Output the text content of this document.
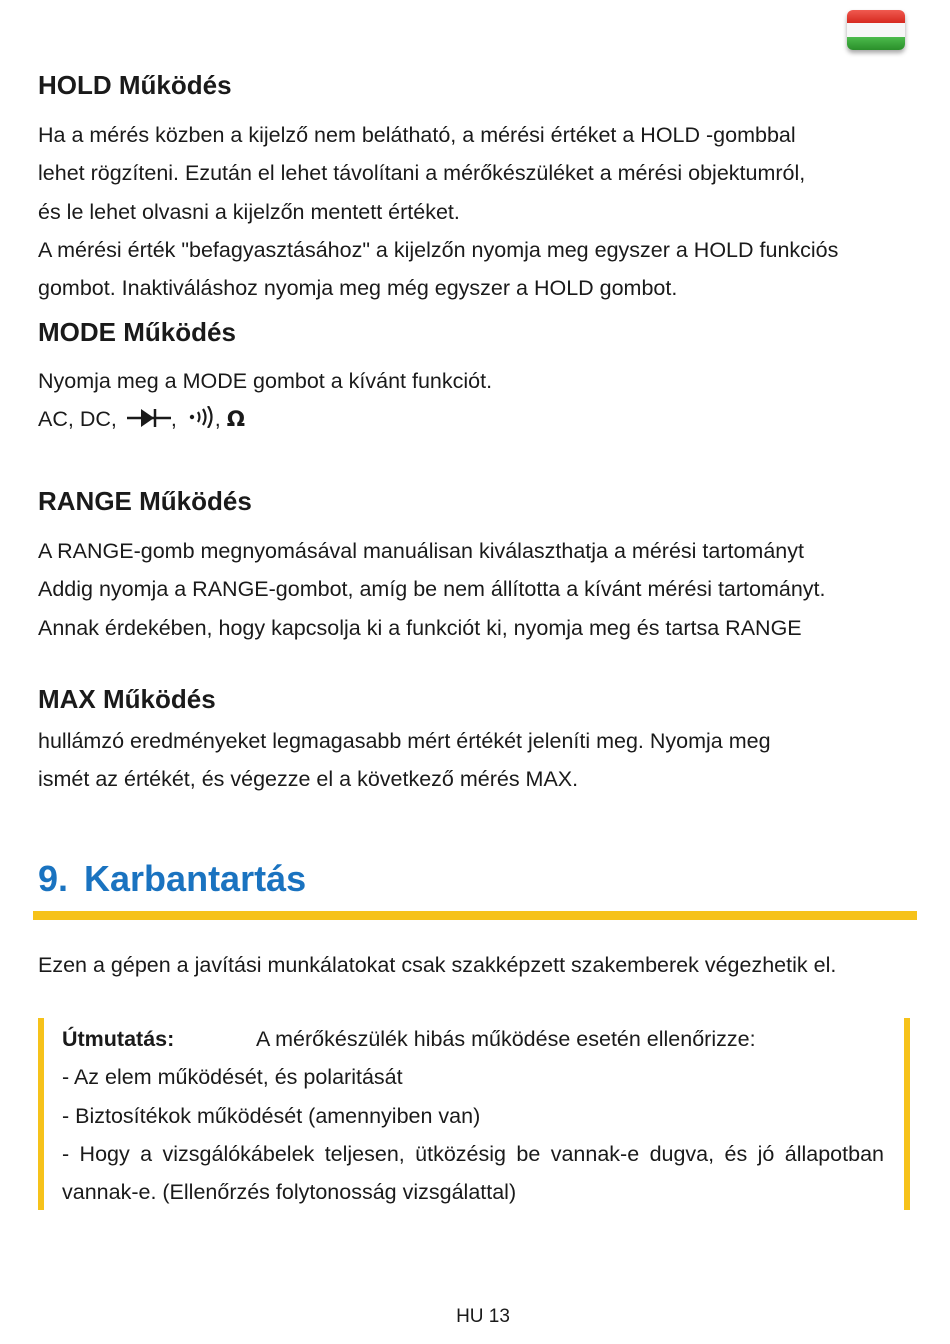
HOLD Működés
Ha a mérés közben a kijelző nem belátható, a mérési értéket a HOLD -gombbal
lehet rögzíteni. Ezután el lehet távolítani a mérőkészüléket a mérési objektumról,
és le lehet olvasni a kijelzőn mentett értéket.
A mérési érték "befagyasztásához" a kijelzőn nyomja meg egyszer a HOLD funkciós
gombot. Inaktiváláshoz nyomja meg még egyszer a HOLD gombot.
MODE Működés
Nyomja meg a MODE gombot a kívánt funkciót.
AC, DC,	, , Ω
RANGE Működés
A RANGE-gomb megnyomásával manuálisan kiválaszthatja a mérési tartományt
Addig nyomja a RANGE-gombot, amíg be nem állította a kívánt mérési tartományt.
Annak érdekében, hogy kapcsolja ki a funkciót ki, nyomja meg és tartsa RANGE
MAX Működés
hullámzó eredményeket legmagasabb mért értékét jeleníti meg. Nyomja meg
ismét az értékét, és végezze el a következő mérés MAX.
9. Karbantartás
Ezen a gépen a javítási munkálatokat csak szakképzett szakemberek végezhetik el.
Útmutatás:	A mérőkészülék hibás működése esetén ellenőrizze:
- Az elem működését, és polaritását
- Biztosítékok működését (amennyiben van)
- Hogy a vizsgálókábelek teljesen, ütközésig be vannak-e dugva, és jó állapotban vannak-e. (Ellenőrzés folytonosság vizsgálattal)
HU 13
